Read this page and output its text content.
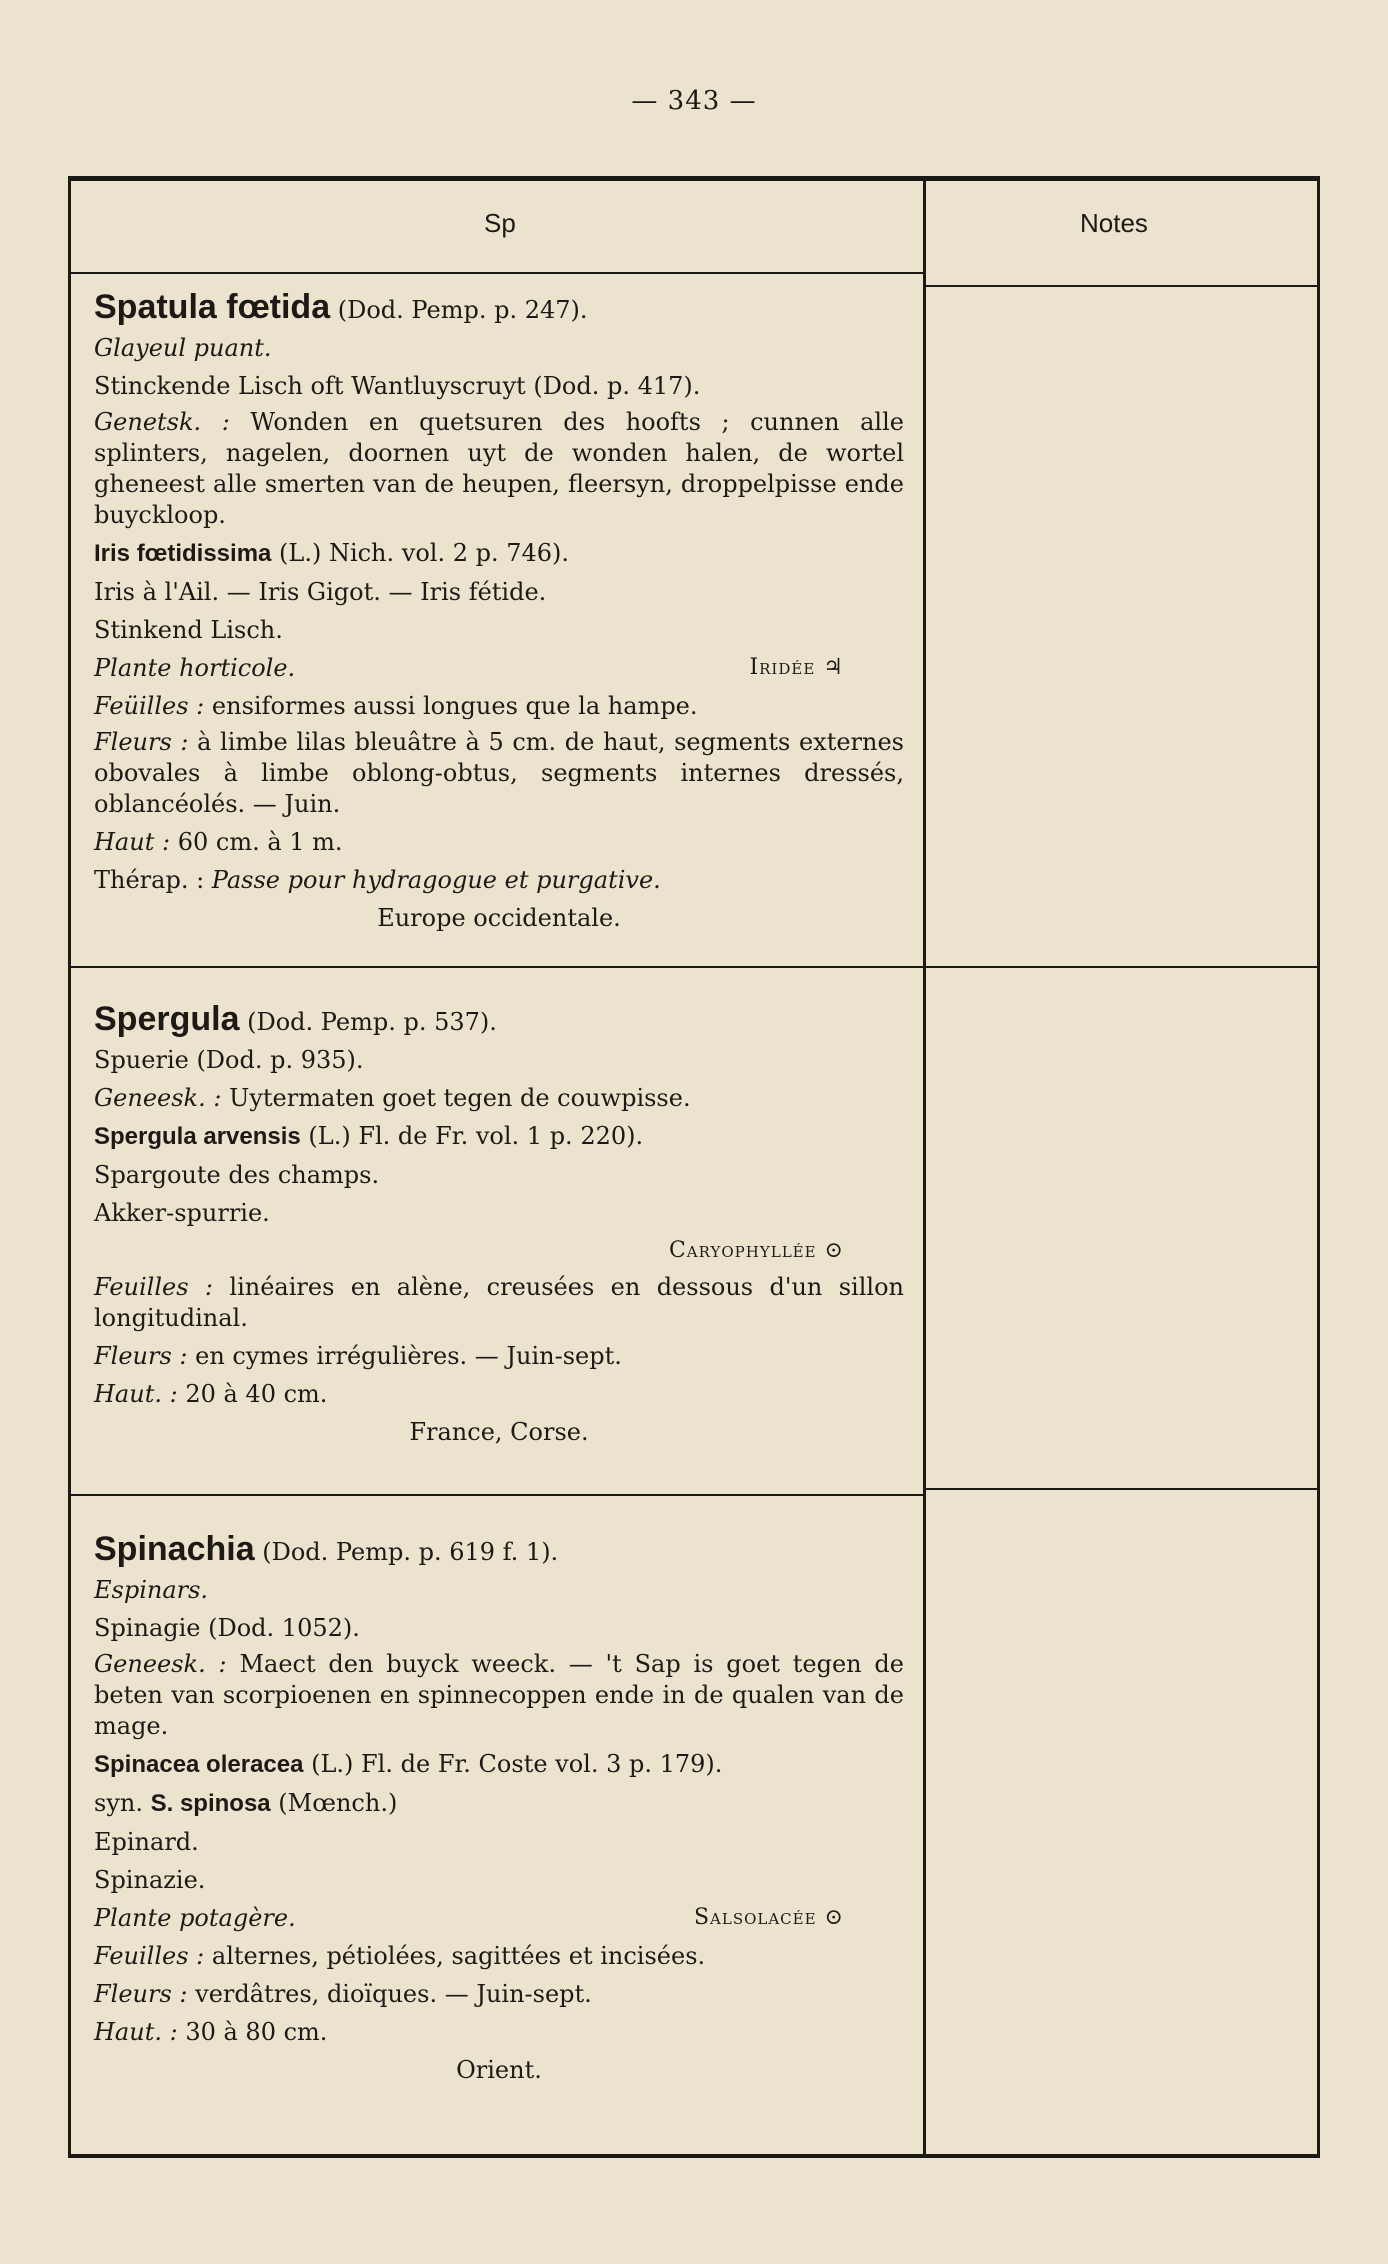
— 343 —
Sp	Notes
Spatula fœtida (Dod. Pemp. p. 247).
Glayeul puant.
Stinckende Lisch oft Wantluyscruyt (Dod. p. 417).
Genetsk. : Wonden en quetsuren des hoofts ; cunnen alle splinters, nagelen, doornen uyt de wonden halen, de wortel gheneest alle smerten van de heupen, fleersyn, droppelpisse ende buyckloop.
Iris fœtidissima (L.) Nich. vol. 2 p. 746).
Iris à l'Ail. — Iris Gigot. — Iris fétide.
Stinkend Lisch.
Plante horticole.	Iridée ♃
Feüilles : ensiformes aussi longues que la hampe.
Fleurs : à limbe lilas bleuâtre à 5 cm. de haut, segments externes obovales à limbe oblong-obtus, segments internes dressés, oblancéolés. — Juin.
Haut : 60 cm. à 1 m.
Thérap. : Passe pour hydragogue et purgative.
Europe occidentale.
Spergula (Dod. Pemp. p. 537).
Spuerie (Dod. p. 935).
Geneesk. : Uytermaten goet tegen de couwpisse.
Spergula arvensis (L.) Fl. de Fr. vol. 1 p. 220).
Spargoute des champs.
Akker-spurrie.
Caryophyllée ⊙

Feuilles : linéaires en alène, creusées en dessous d'un sillon longitudinal.
Fleurs : en cymes irrégulières. — Juin-sept.
Haut. : 20 à 40 cm.
France, Corse.
Spinachia (Dod. Pemp. p. 619 f. 1).
Espinars.
Spinagie (Dod. 1052).
Geneesk. : Maect den buyck weeck. — 't Sap is goet tegen de beten van scorpioenen en spinnecoppen ende in de qualen van de mage.
Spinacea oleracea (L.) Fl. de Fr. Coste vol. 3 p. 179).
syn. S. spinosa (Mœnch.)
Epinard.
Spinazie.
Plante potagère.	Salsolacée ⊙
Feuilles : alternes, pétiolées, sagittées et incisées.
Fleurs : verdâtres, dioïques. — Juin-sept.
Haut. : 30 à 80 cm.
Orient.
